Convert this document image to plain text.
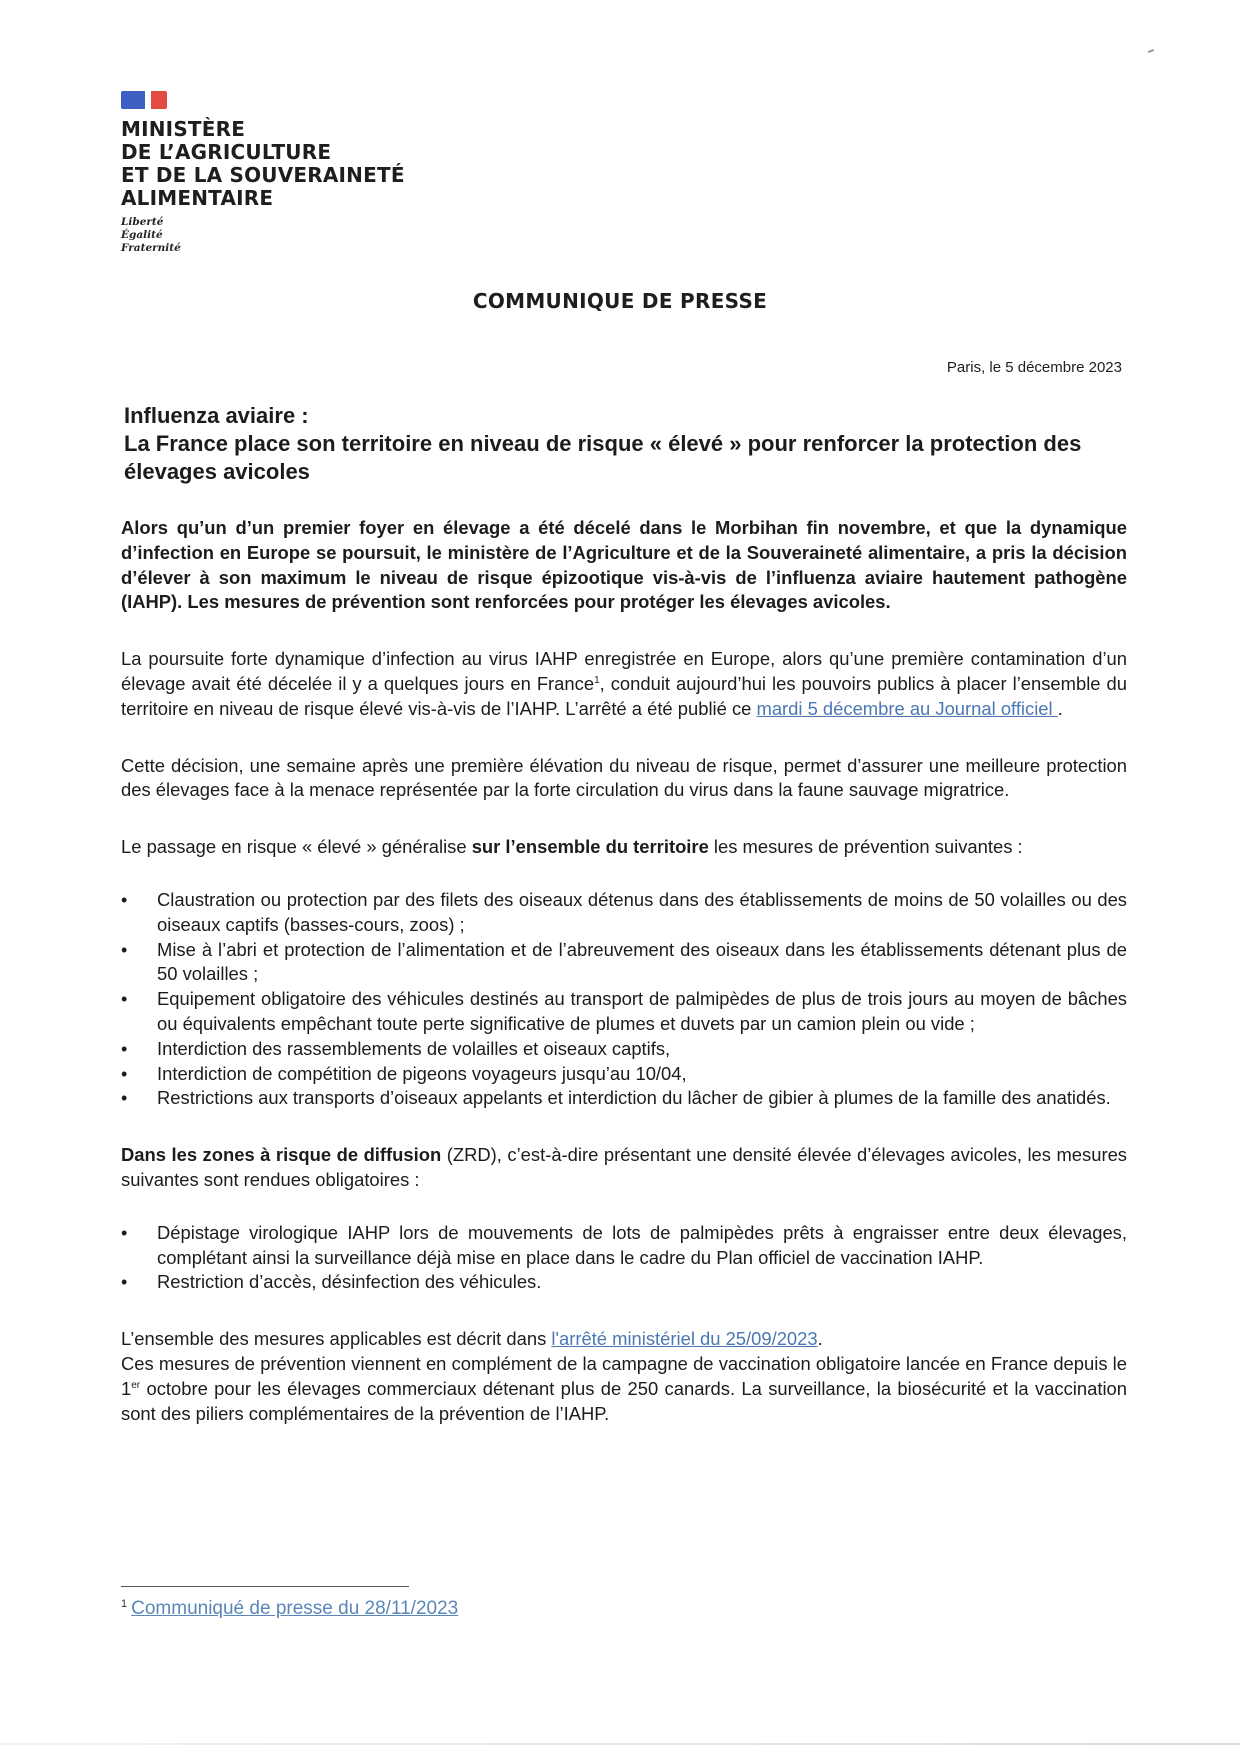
MINISTÈRE
DE L’AGRICULTURE
ET DE LA SOUVERAINETÉ
ALIMENTAIRE
Liberté
Égalité
Fraternité
COMMUNIQUE DE PRESSE
Paris, le 5 décembre 2023
Influenza aviaire :
La France place son territoire en niveau de risque « élevé » pour renforcer la protection des élevages avicoles

Alors qu’un d’un premier foyer en élevage a été décelé dans le Morbihan fin novembre, et que la dynamique d’infection en Europe se poursuit, le ministère de l’Agriculture et de la Souveraineté alimentaire, a pris la décision d’élever à son maximum le niveau de risque épizootique vis-à-vis de l’influenza aviaire hautement pathogène (IAHP). Les mesures de prévention sont renforcées pour protéger les élevages avicoles.

La poursuite forte dynamique d’infection au virus IAHP enregistrée en Europe, alors qu’une première contamination d’un élevage avait été décelée il y a quelques jours en France$^1$, conduit aujourd’hui les pouvoirs publics à placer l’ensemble du territoire en niveau de risque élevé vis-à-vis de l’IAHP. L’arrêté a été publié ce mardi 5 décembre au Journal officiel .

Cette décision, une semaine après une première élévation du niveau de risque, permet d’assurer une meilleure protection des élevages face à la menace représentée par la forte circulation du virus dans la faune sauvage migratrice.

Le passage en risque « élevé » généralise sur l’ensemble du territoire les mesures de prévention suivantes :

• Claustration ou protection par des filets des oiseaux détenus dans des établissements de moins de 50 volailles ou des oiseaux captifs (basses-cours, zoos) ;
• Mise à l’abri et protection de l’alimentation et de l’abreuvement des oiseaux dans les établissements détenant plus de 50 volailles ;
• Equipement obligatoire des véhicules destinés au transport de palmipèdes de plus de trois jours au moyen de bâches ou équivalents empêchant toute perte significative de plumes et duvets par un camion plein ou vide ;
• Interdiction des rassemblements de volailles et oiseaux captifs,
• Interdiction de compétition de pigeons voyageurs jusqu’au 10/04,
• Restrictions aux transports d’oiseaux appelants et interdiction du lâcher de gibier à plumes de la famille des anatidés.

Dans les zones à risque de diffusion (ZRD), c’est-à-dire présentant une densité élevée d’élevages avicoles, les mesures suivantes sont rendues obligatoires :

• Dépistage virologique IAHP lors de mouvements de lots de palmipèdes prêts à engraisser entre deux élevages, complétant ainsi la surveillance déjà mise en place dans le cadre du Plan officiel de vaccination IAHP.
• Restriction d’accès, désinfection des véhicules.

L’ensemble des mesures applicables est décrit dans l'arrêté ministériel du 25/09/2023.

Ces mesures de prévention viennent en complément de la campagne de vaccination obligatoire lancée en France depuis le 1er octobre pour les élevages commerciaux détenant plus de 250 canards. La surveillance, la biosécurité et la vaccination sont des piliers complémentaires de la prévention de l’IAHP.

$^1$ Communiqué de presse du 28/11/2023
